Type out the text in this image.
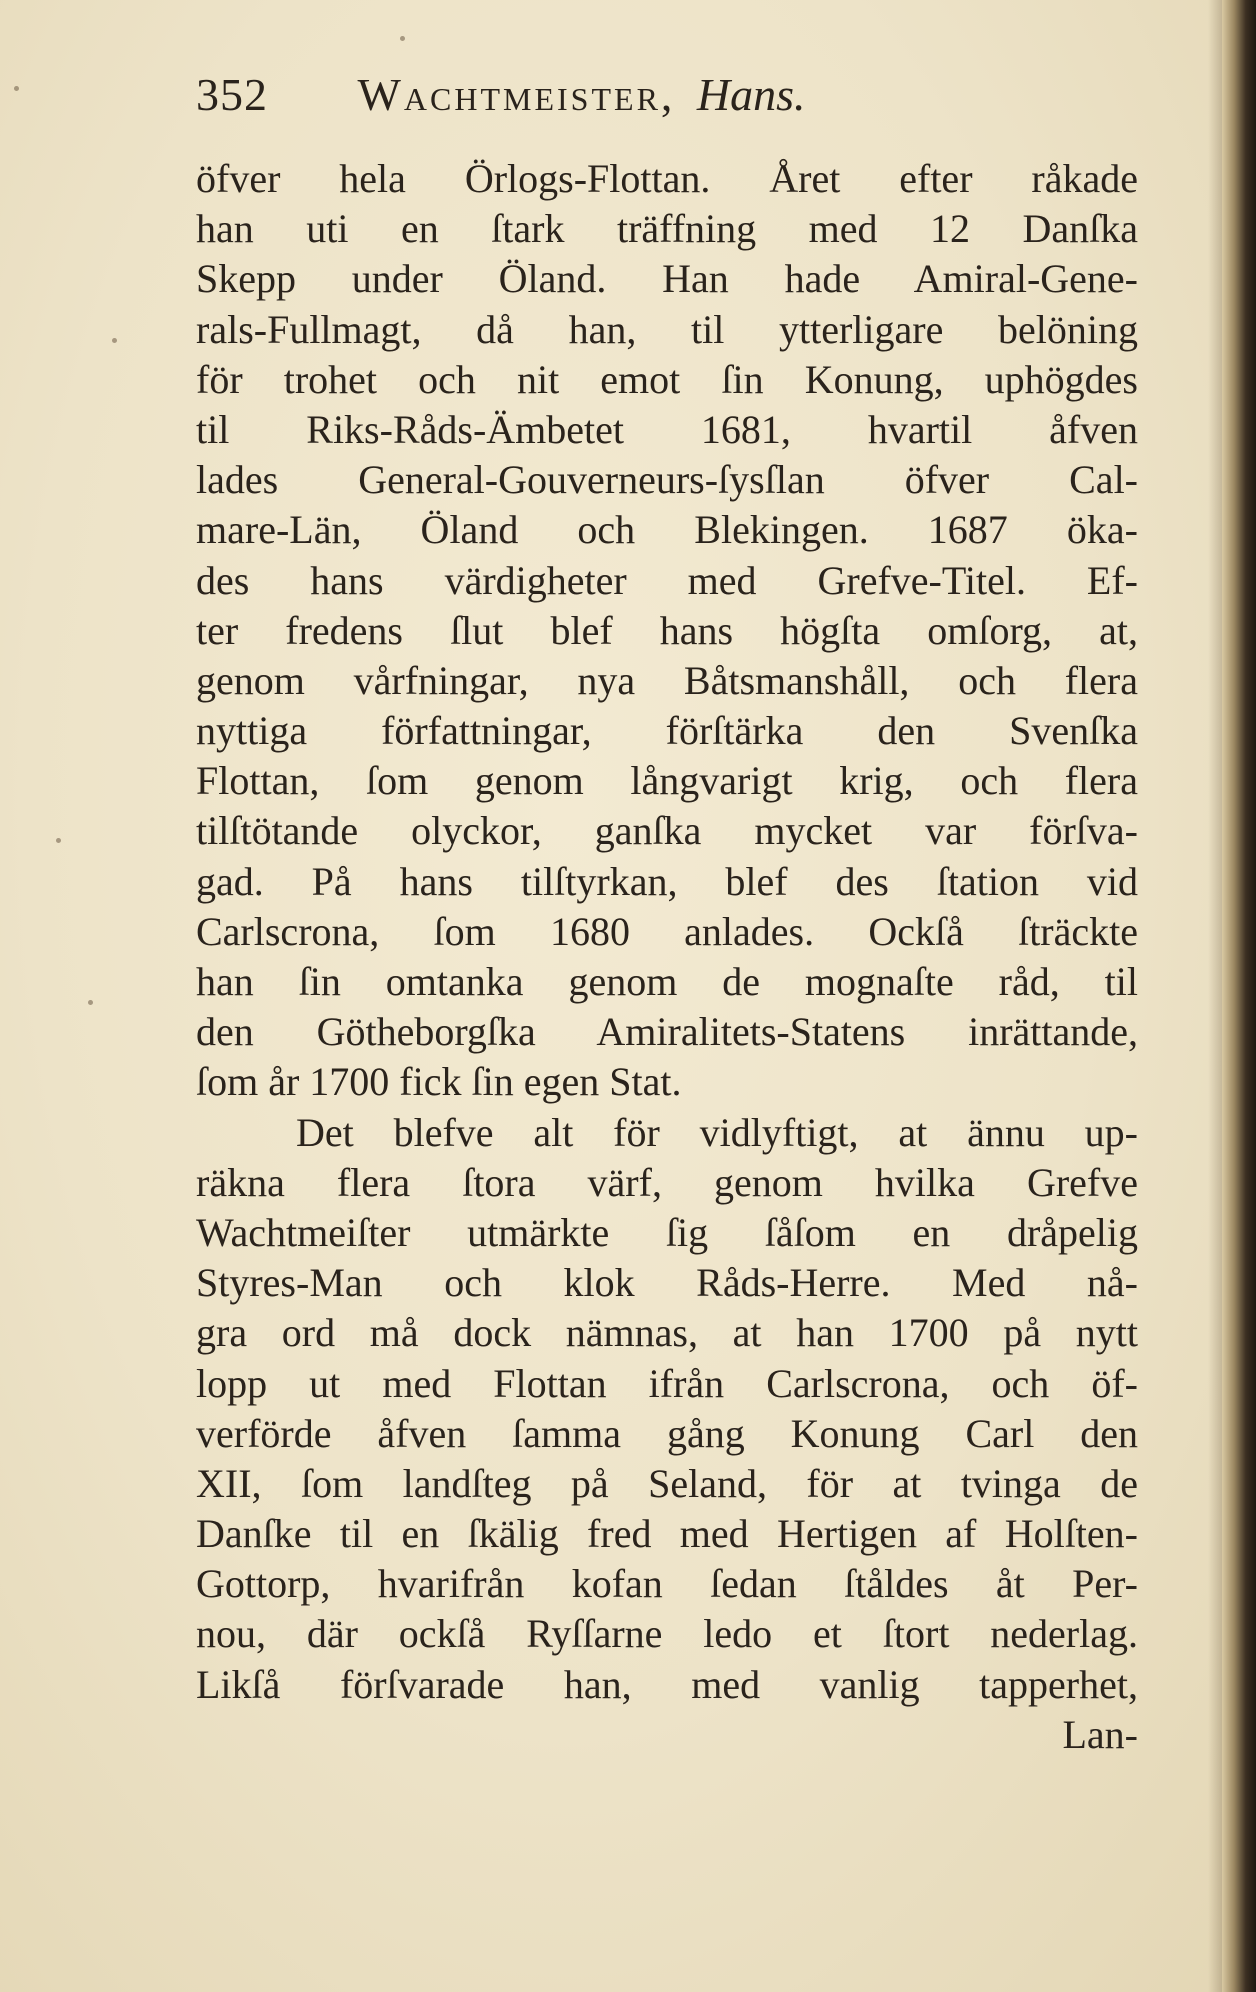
352 Wachtmeister, Hans.
öfver hela Örlogs-Flottan. Året efter råkade
han uti en ſtark träffning med 12 Danſka
Skepp under Öland. Han hade Amiral-Gene-
rals-Fullmagt, då han, til ytterligare belöning
för trohet och nit emot ſin Konung, uphögdes
til Riks-Råds-Ämbetet 1681, hvartil åfven
lades General-Gouverneurs-ſysſlan öfver Cal-
mare-Län, Öland och Blekingen. 1687 öka-
des hans värdigheter med Grefve-Titel. Ef-
ter fredens ſlut blef hans högſta omſorg, at,
genom vårfningar, nya Båtsmanshåll, och flera
nyttiga författningar, förſtärka den Svenſka
Flottan, ſom genom långvarigt krig, och flera
tilſtötande olyckor, ganſka mycket var förſva-
gad. På hans tilſtyrkan, blef des ſtation vid
Carlscrona, ſom 1680 anlades. Ockſå ſträckte
han ſin omtanka genom de mognaſte råd, til
den Götheborgſka Amiralitets-Statens inrättande,
ſom år 1700 fick ſin egen Stat.
Det blefve alt för vidlyftigt, at ännu up-
räkna flera ſtora värf, genom hvilka Grefve
Wachtmeiſter utmärkte ſig ſåſom en dråpelig
Styres-Man och klok Råds-Herre. Med nå-
gra ord må dock nämnas, at han 1700 på nytt
lopp ut med Flottan ifrån Carlscrona, och öf-
verförde åfven ſamma gång Konung Carl den
XII, ſom landſteg på Seland, för at tvinga de
Danſke til en ſkälig fred med Hertigen af Holſten-
Gottorp, hvarifrån kofan ſedan ſtåldes åt Per-
nou, där ockſå Ryſſarne ledo et ſtort nederlag.
Likſå förſvarade han, med vanlig tapperhet,
Lan-
